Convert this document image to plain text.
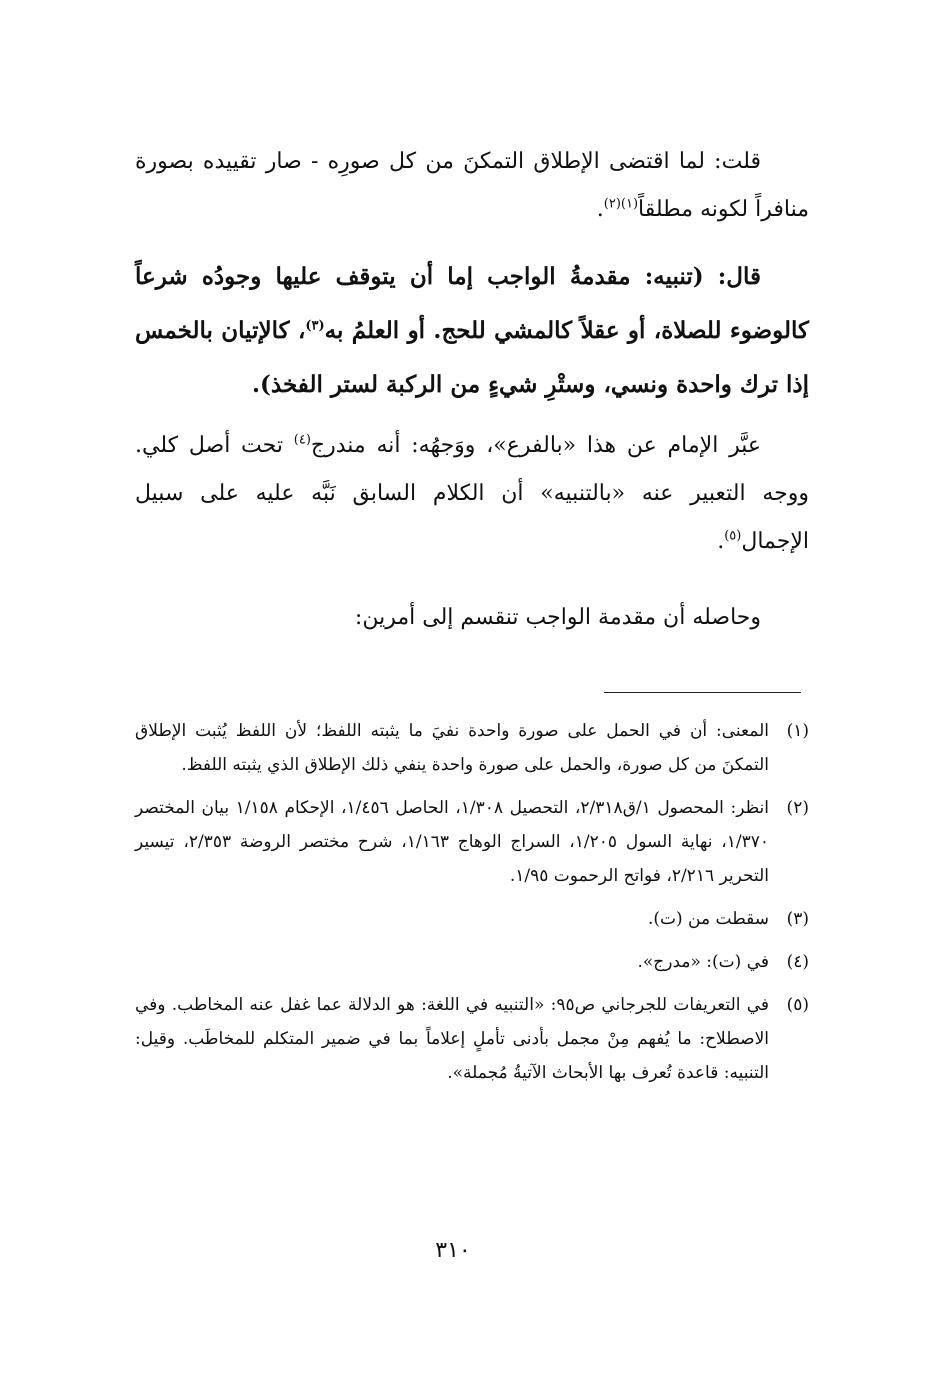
قلت: لما اقتضى الإطلاق التمكنَ من كل صورِه - صار تقييده بصورة منافراً لكونه مطلقاً$^{(١)(٢)}$.

قال: (تنبيه: مقدمةُ الواجب إما أن يتوقف عليها وجودُه شرعاً كالوضوء للصلاة، أو عقلاً كالمشي للحج. أو العلمُ به$^{(٣)}$، كالإتيان بالخمس إذا ترك واحدة ونسي، وستْرِ شيءٍ من الركبة لستر الفخذ).

عبَّر الإمام عن هذا «بالفرع»، ووَجهُه: أنه مندرج$^{(٤)}$ تحت أصل كلي. ووجه التعبير عنه «بالتنبيه» أن الكلام السابق نَبَّه عليه على سبيل الإجمال$^{(٥)}$.

وحاصله أن مقدمة الواجب تنقسم إلى أمرين:

(١)المعنى: أن في الحمل على صورة واحدة نفيَ ما يثبته اللفظ؛ لأن اللفظ يُثبت الإطلاق التمكنَ من كل صورة، والحمل على صورة واحدة ينفي ذلك الإطلاق الذي يثبته اللفظ.

(٢)انظر: المحصول ١/ق٢/٣١٨، التحصيل ١/٣٠٨، الحاصل ١/٤٥٦، الإحكام ١/١٥٨ بيان المختصر ١/٣٧٠، نهاية السول ١/٢٠٥، السراج الوهاج ١/١٦٣، شرح مختصر الروضة ٢/٣٥٣، تيسير التحرير ٢/٢١٦، فواتح الرحموت ١/٩٥.

(٣)سقطت من (ت).

(٤)في (ت): «مدرج».

(٥)في التعريفات للجرجاني ص٩٥: «التنبيه في اللغة: هو الدلالة عما غفل عنه المخاطب. وفي الاصطلاح: ما يُفهم مِنْ مجمل بأدنى تأملٍ إعلاماً بما في ضمير المتكلم للمخاطَب. وقيل: التنبيه: قاعدة تُعرف بها الأبحاث الآتيةُ مُجملة».

٣١٠
